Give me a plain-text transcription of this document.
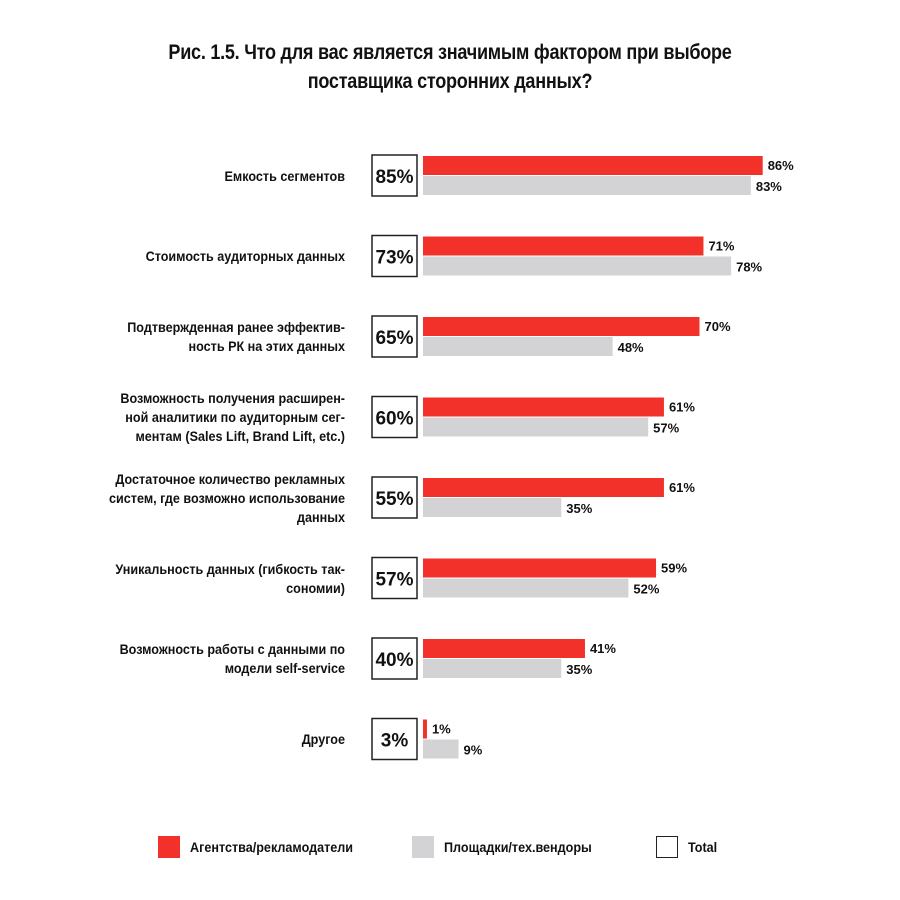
Рис. 1.5. Что для вас является значимым фактором при выборе поставщика сторонних данных?
Емкость сегментов
Стоимость аудиторных данных
Подтвержденная ранее эффектив-
ность РК на этих данных
Возможность получения расширен-
ной аналитики по аудиторным сег-
ментам (Sales Lift, Brand Lift, etc.)
Достаточное количество рекламных
систем, где возможно использование
данных
Уникальность данных (гибкость так-
сономии)
Возможность работы с данными по
модели self-service
Другое
85%
86%
83%
73%
71%
78%
65%
70%
48%
60%
61%
57%
55%
61%
35%
57%
59%
52%
40%
41%
35%
3%
1%
9%
Агентства/рекламодатели	Площадки/тех.вендоры	Total
